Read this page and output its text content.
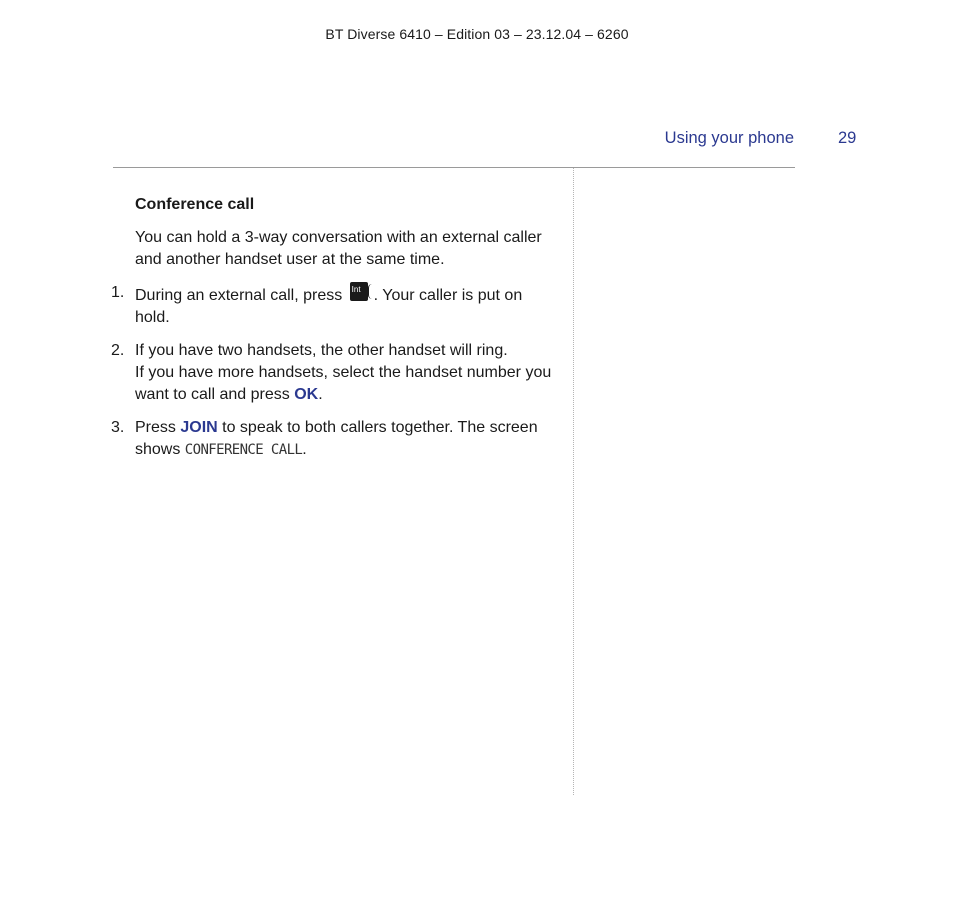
BT Diverse 6410 – Edition 03 – 23.12.04 – 6260
Using your phone	29
Conference call
You can hold a 3-way conversation with an external caller and another handset user at the same time.
1. During an external call, press Int . Your caller is put on hold.
2. If you have two handsets, the other handset will ring.
If you have more handsets, select the handset number you want to call and press OK.
3. Press JOIN to speak to both callers together. The screen shows CONFERENCE CALL.
